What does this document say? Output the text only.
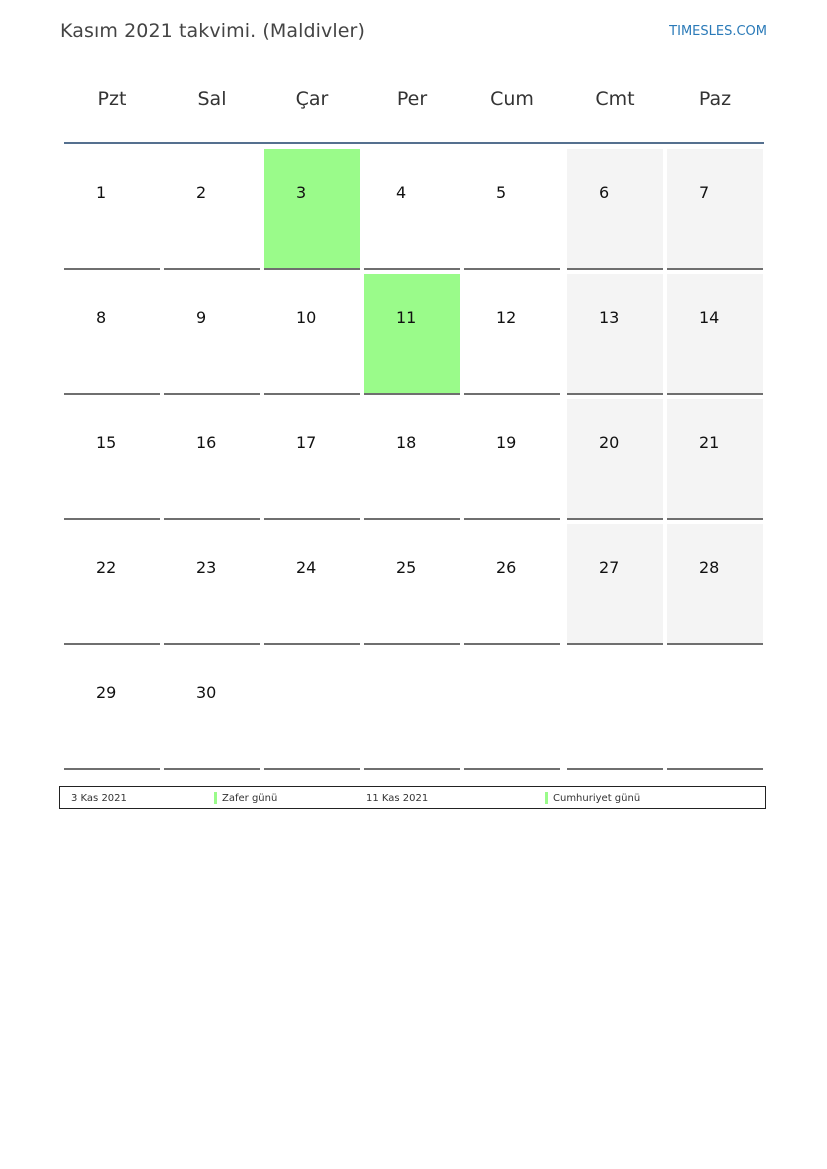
Kasım 2021 takvimi. (Maldivler)	TIMESLES.COM
Pzt	Sal	Çar	Per	Cum	Cmt	Paz
1	2	3	4	5	6	7
8	9	10	11	12	13	14
15	16	17	18	19	20	21
22	23	24	25	26	27	28
29	30
3 Kas 2021	Zafer günü	11 Kas 2021	Cumhuriyet günü
